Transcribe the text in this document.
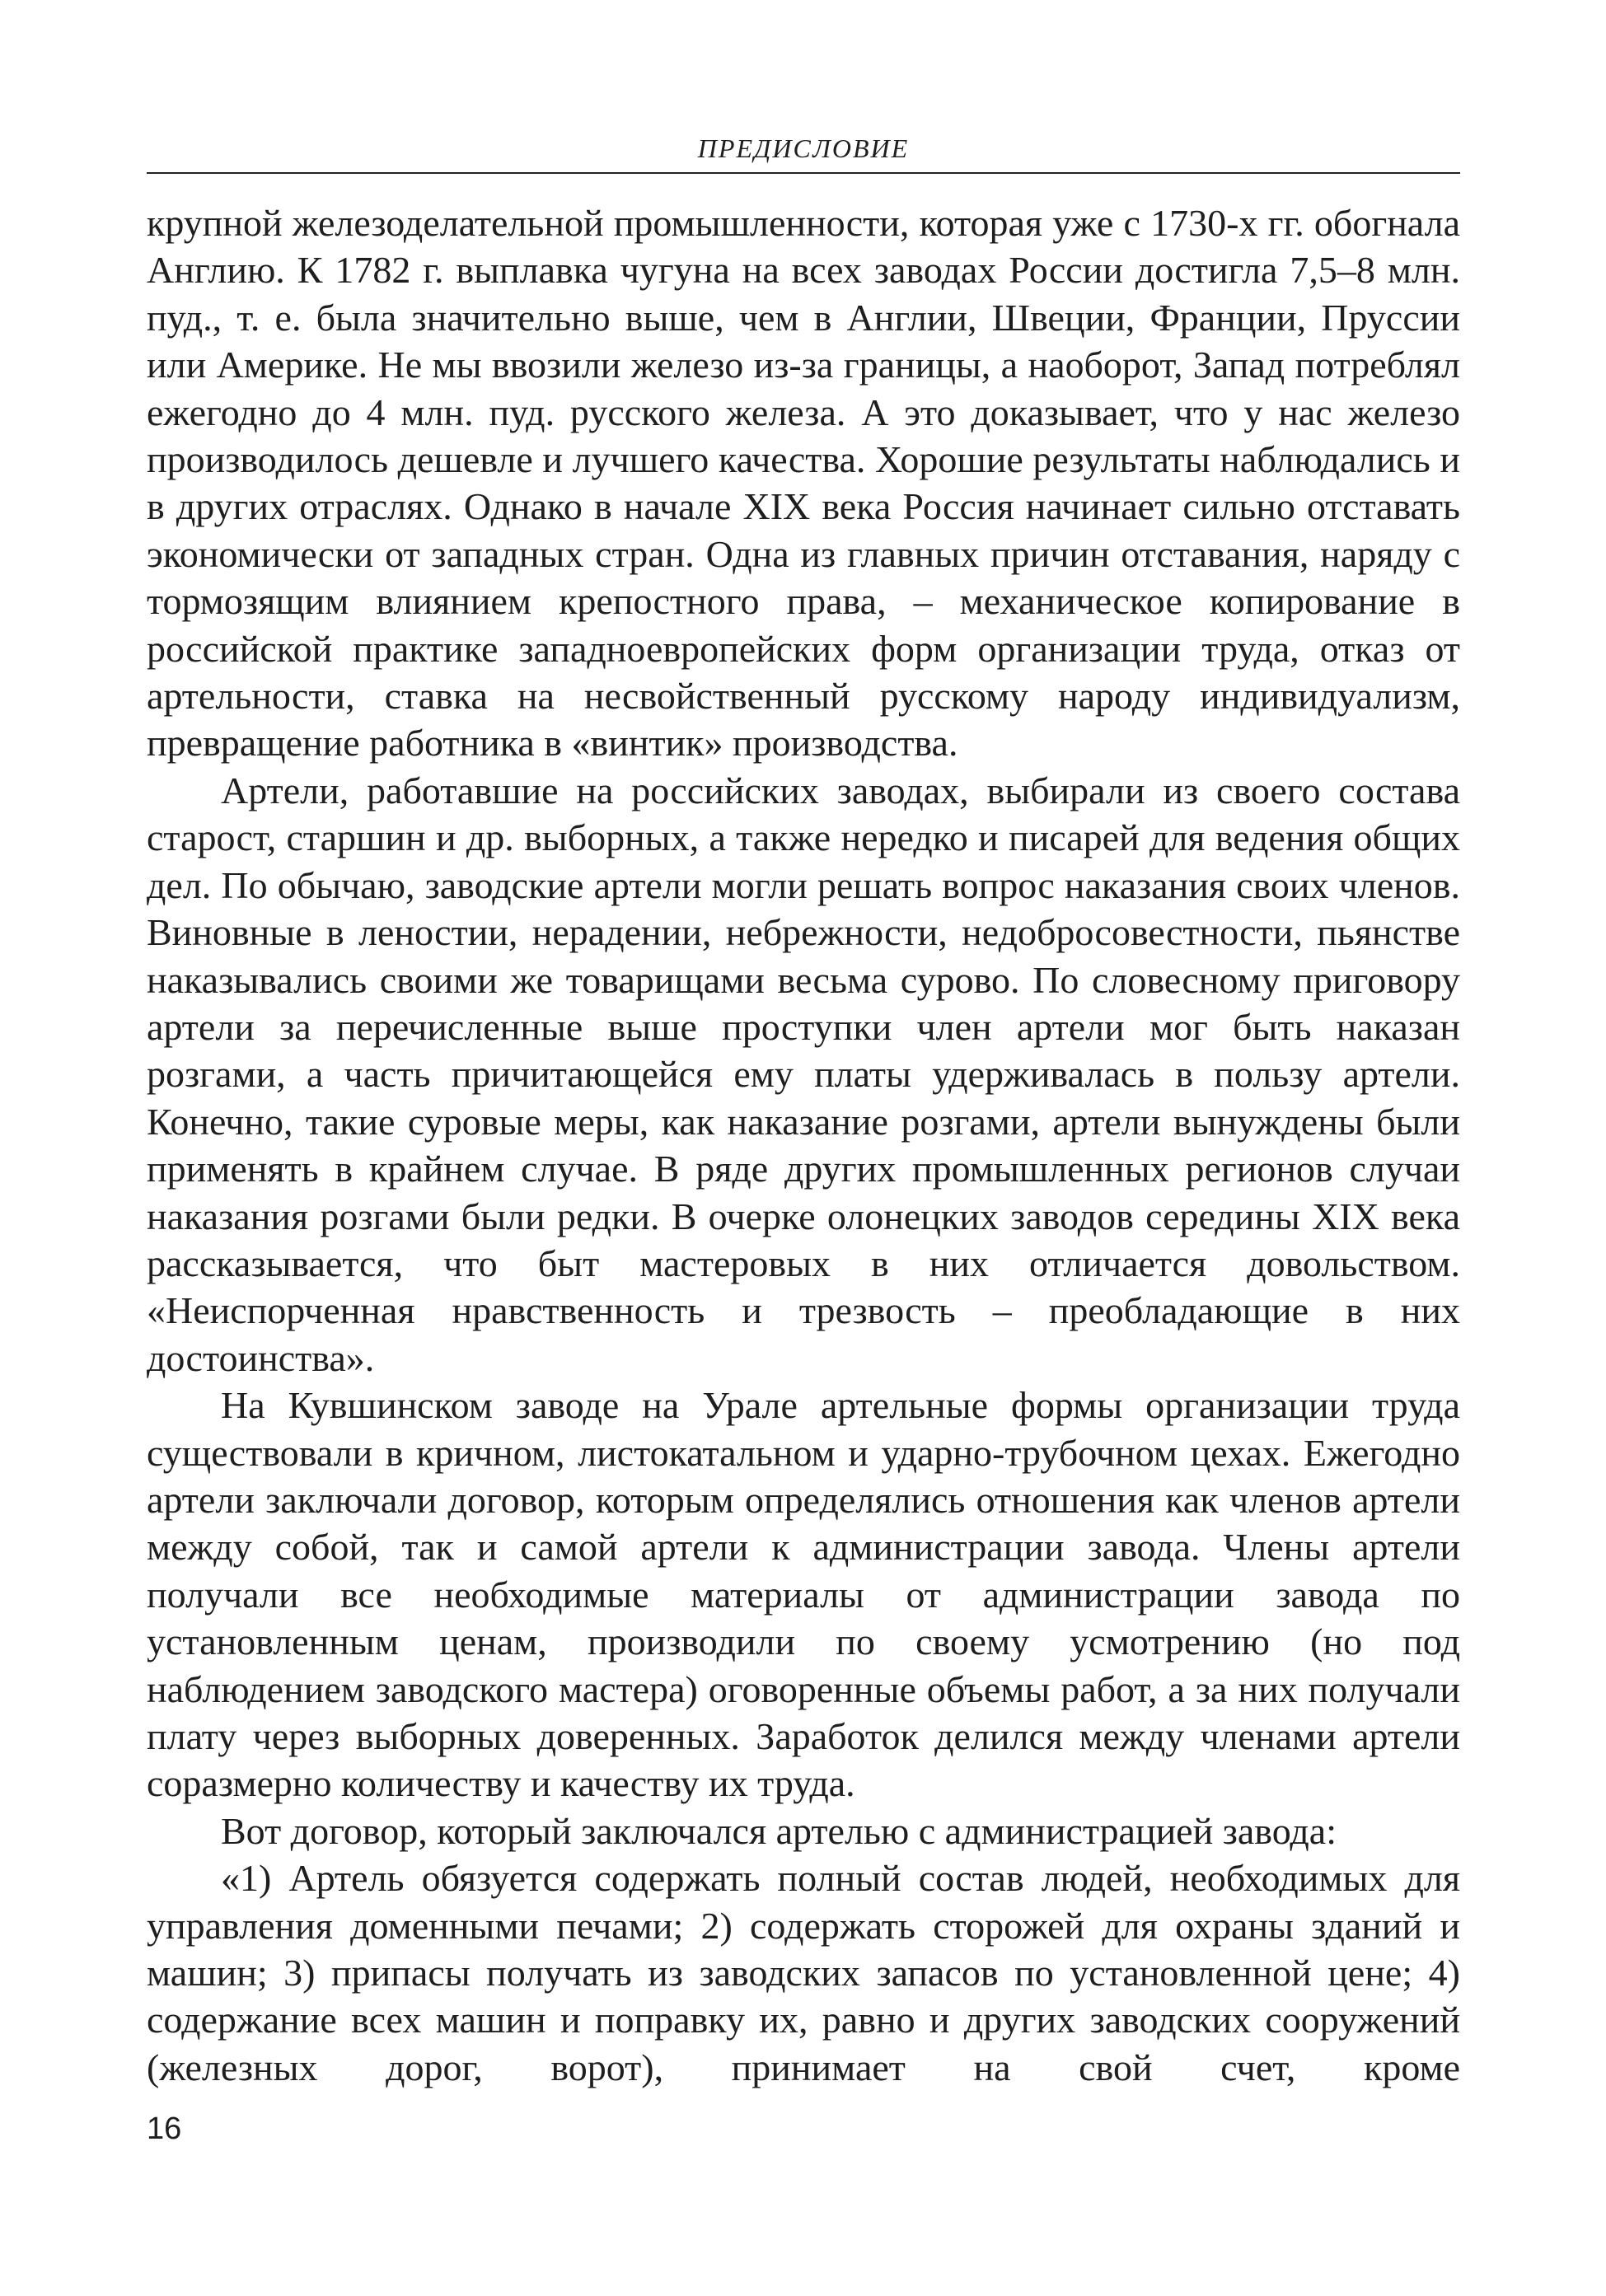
ПРЕДИСЛОВИЕ

крупной железоделательной промышленности, которая уже с 1730-х гг. обогнала Англию. К 1782 г. выплавка чугуна на всех заводах России достигла 7,5–8 млн. пуд., т. е. была значительно выше, чем в Англии, Швеции, Франции, Пруссии или Америке. Не мы ввозили железо из-за границы, а наоборот, Запад потреблял ежегодно до 4 млн. пуд. русского железа. А это доказывает, что у нас железо производилось дешевле и лучшего качества. Хорошие результаты наблюдались и в других отраслях. Однако в начале XIX века Россия начинает сильно отставать экономически от западных стран. Одна из главных причин отставания, наряду с тормозящим влиянием крепостного права, – механическое копирование в российской практике западноевропейских форм организации труда, отказ от артельности, ставка на несвойственный русскому народу индивидуализм, превращение работника в «винтик» производства.

Артели, работавшие на российских заводах, выбирали из своего состава старост, старшин и др. выборных, а также нередко и писарей для ведения общих дел. По обычаю, заводские артели могли решать вопрос наказания своих членов. Виновные в леностии, нерадении, небрежности, недобросовестности, пьянстве наказывались своими же товарищами весьма сурово. По словесному приговору артели за перечисленные выше проступки член артели мог быть наказан розгами, а часть причитающейся ему платы удерживалась в пользу артели. Конечно, такие суровые меры, как наказание розгами, артели вынуждены были применять в крайнем случае. В ряде других промышленных регионов случаи наказания розгами были редки. В очерке олонецких заводов середины XIX века рассказывается, что быт мастеровых в них отличается довольством. «Неиспорченная нравственность и трезвость – преобладающие в них достоинства».

На Кувшинском заводе на Урале артельные формы организации труда существовали в кричном, листокатальном и ударно-трубочном цехах. Ежегодно артели заключали договор, которым определялись отношения как членов артели между собой, так и самой артели к администрации завода. Члены артели получали все необходимые материалы от администрации завода по установленным ценам, производили по своему усмотрению (но под наблюдением заводского мастера) оговоренные объемы работ, а за них получали плату через выборных доверенных. Заработок делился между членами артели соразмерно количеству и качеству их труда.

Вот договор, который заключался артелью с администрацией завода:

«1) Артель обязуется содержать полный состав людей, необходимых для управления доменными печами; 2) содержать сторожей для охраны зданий и машин; 3) припасы получать из заводских запасов по установленной цене; 4) содержание всех машин и поправку их, равно и других заводских сооружений (железных дорог, ворот), принимает на свой счет, кроме

16
